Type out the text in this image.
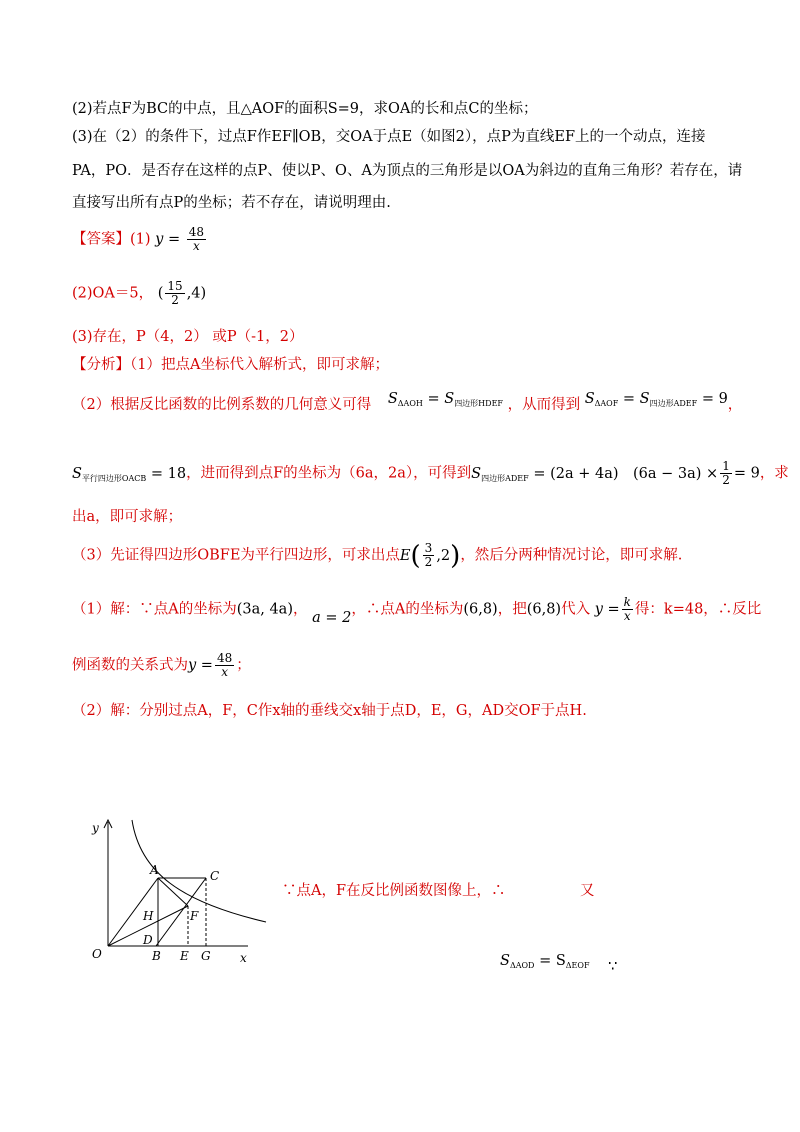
(2)若点F为BC的中点，且△AOF的面积S=9，求OA的长和点C的坐标；
(3)在（2）的条件下，过点F作EF∥OB，交OA于点E（如图2），点P为直线EF上的一个动点，连接
PA，PO．是否存在这样的点P、使以P、O、A为顶点的三角形是以OA为斜边的直角三角形？若存在，请
直接写出所有点P的坐标；若不存在，请说明理由.
【答案】(1) $y = \frac{48}{x}$
(2)OA＝5， ( $\frac{15}{2} ,4$)
(3)存在，P（4，2） 或P（-1，2）
【分析】（1）把点A坐标代入解析式，即可求解；
（2）根据反比函数的比例系数的几何意义可得 $S_{\Delta AOH} = S_{四边形HDEF}$ ，从而得到 $S_{\Delta AOF} = S_{四边形ADEF} = 9$，
$S_{平行四边形OACB} = 18$，进而得到点F的坐标为（6a，2a），可得到$S_{四边形ADEF} = (2a + 4a)$　$(6a - 3a) \times \frac{1}{2} = 9$，求
出a，即可求解；
（3）先证得四边形OBFE为平行四边形，可求出点$E( \frac{3}{2} ,2)$，然后分两种情况讨论，即可求解.
（1）解：∵点A的坐标为(3a, 4a)， a = 2，∴点A的坐标为(6,8)，把(6,8)代入 $y = \frac{k}{x}$ 得：k=48，∴反比
例函数的关系式为$y = \frac{48}{x}$ ；
（2）解：分别过点A，F，C作x轴的垂线交x轴于点D，E，G，AD交OF于点H.
y
x
O
A	C
H	F
D
B E G
∵点A，F在反比例函数图像上，∴	又
$S_{\Delta AOD} = S_{\Delta EOF}$ ∵
